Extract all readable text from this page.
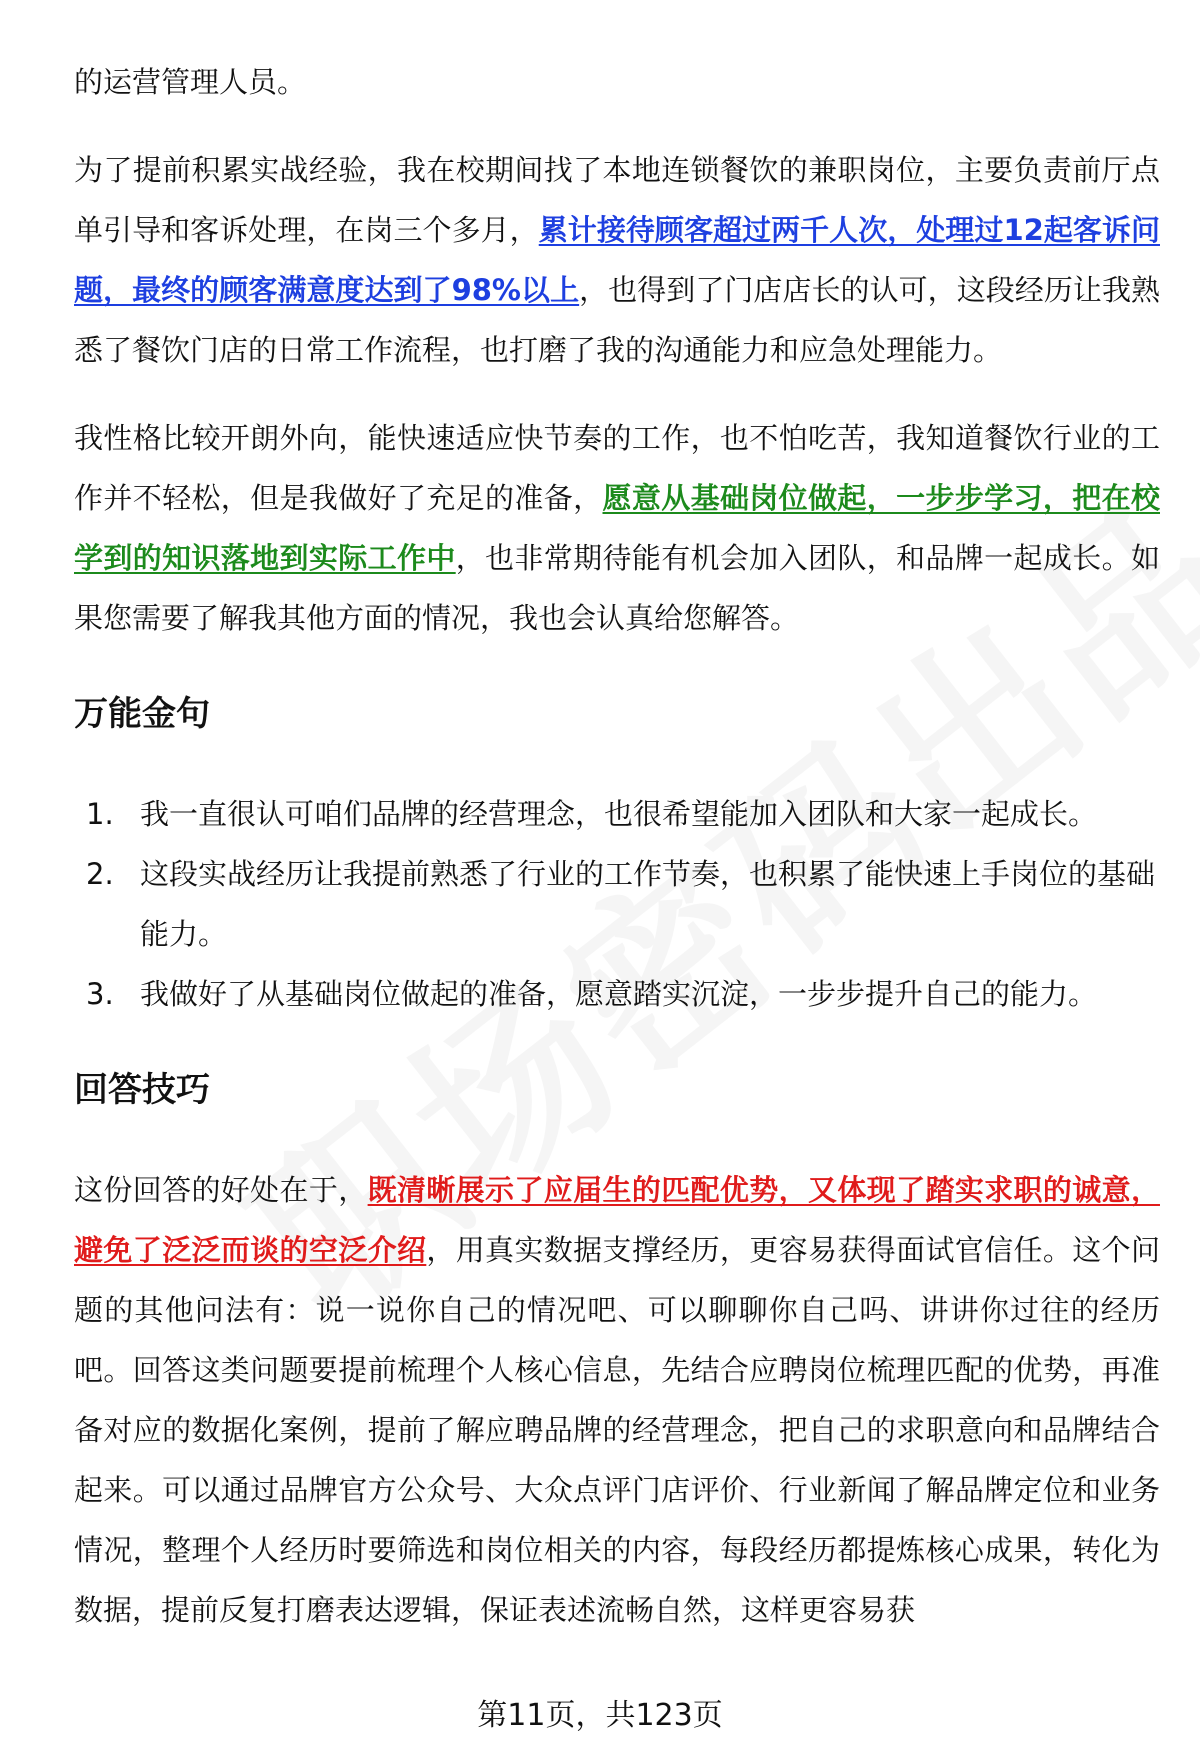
的运营管理人员。

为了提前积累实战经验，我在校期间找了本地连锁餐饮的兼职岗位，主要负责前厅点单引导和客诉处理，在岗三个多月，累计接待顾客超过两千人次，处理过12起客诉问题，最终的顾客满意度达到了98%以上，也得到了门店店长的认可，这段经历让我熟悉了餐饮门店的日常工作流程，也打磨了我的沟通能力和应急处理能力。

我性格比较开朗外向，能快速适应快节奏的工作，也不怕吃苦，我知道餐饮行业的工作并不轻松，但是我做好了充足的准备，愿意从基础岗位做起，一步步学习，把在校学到的知识落地到实际工作中，也非常期待能有机会加入团队，和品牌一起成长。如果您需要了解我其他方面的情况，我也会认真给您解答。

万能金句
1. 我一直很认可咱们品牌的经营理念，也很希望能加入团队和大家一起成长。
2. 这段实战经历让我提前熟悉了行业的工作节奏，也积累了能快速上手岗位的基础能力。
3. 我做好了从基础岗位做起的准备，愿意踏实沉淀，一步步提升自己的能力。
回答技巧

这份回答的好处在于，既清晰展示了应届生的匹配优势，又体现了踏实求职的诚意，避免了泛泛而谈的空泛介绍，用真实数据支撑经历，更容易获得面试官信任。这个问题的其他问法有：说一说你自己的情况吧、可以聊聊你自己吗、讲讲你过往的经历吧。回答这类问题要提前梳理个人核心信息，先结合应聘岗位梳理匹配的优势，再准备对应的数据化案例，提前了解应聘品牌的经营理念，把自己的求职意向和品牌结合起来。可以通过品牌官方公众号、大众点评门店评价、行业新闻了解品牌定位和业务情况，整理个人经历时要筛选和岗位相关的内容，每段经历都提炼核心成果，转化为数据，提前反复打磨表达逻辑，保证表述流畅自然，这样更容易获

第11页，共123页
